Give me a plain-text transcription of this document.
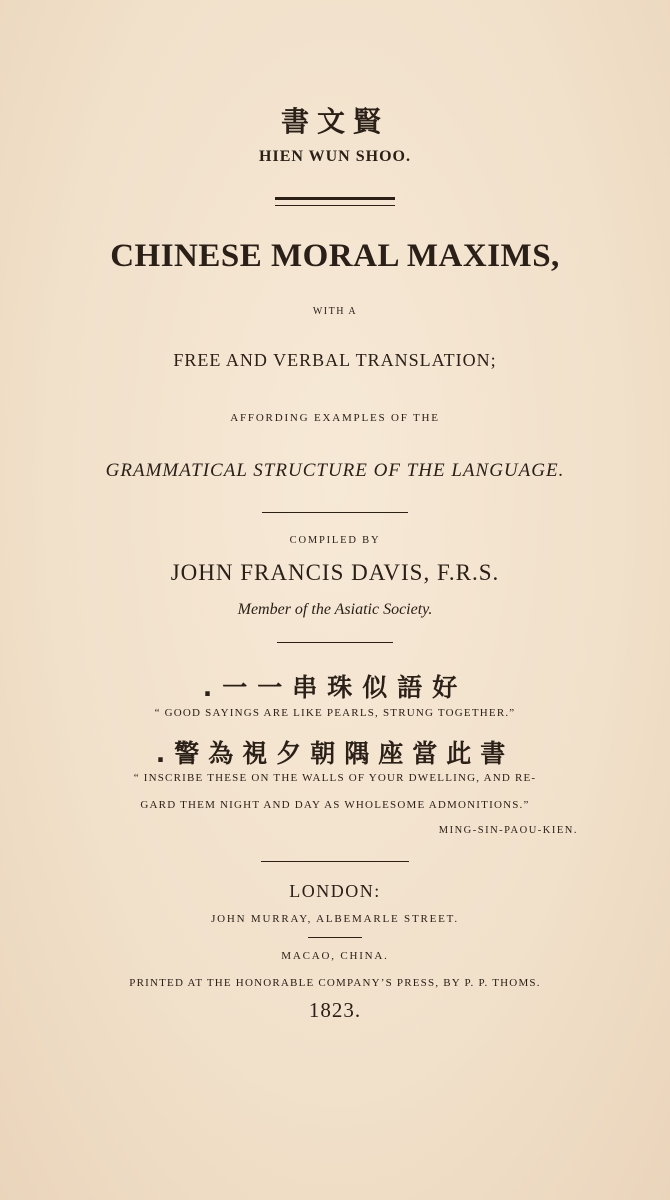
書文賢
HIEN WUN SHOO.
CHINESE MORAL MAXIMS,
WITH A
FREE AND VERBAL TRANSLATION;
AFFORDING EXAMPLES OF THE
GRAMMATICAL STRUCTURE OF THE LANGUAGE.
COMPILED BY
JOHN FRANCIS DAVIS, F.R.S.
Member of the Asiatic Society.
.一一串珠似語好
“ GOOD SAYINGS ARE LIKE PEARLS, STRUNG TOGETHER.”
.警為視夕朝隅座當此書
“ INSCRIBE THESE ON THE WALLS OF YOUR DWELLING, AND RE-
GARD THEM NIGHT AND DAY AS WHOLESOME ADMONITIONS.”
MING-SIN-PAOU-KIEN.
LONDON:
JOHN MURRAY, ALBEMARLE STREET.
MACAO, CHINA.
PRINTED AT THE HONORABLE COMPANY’S PRESS, BY P. P. THOMS.
1823.
